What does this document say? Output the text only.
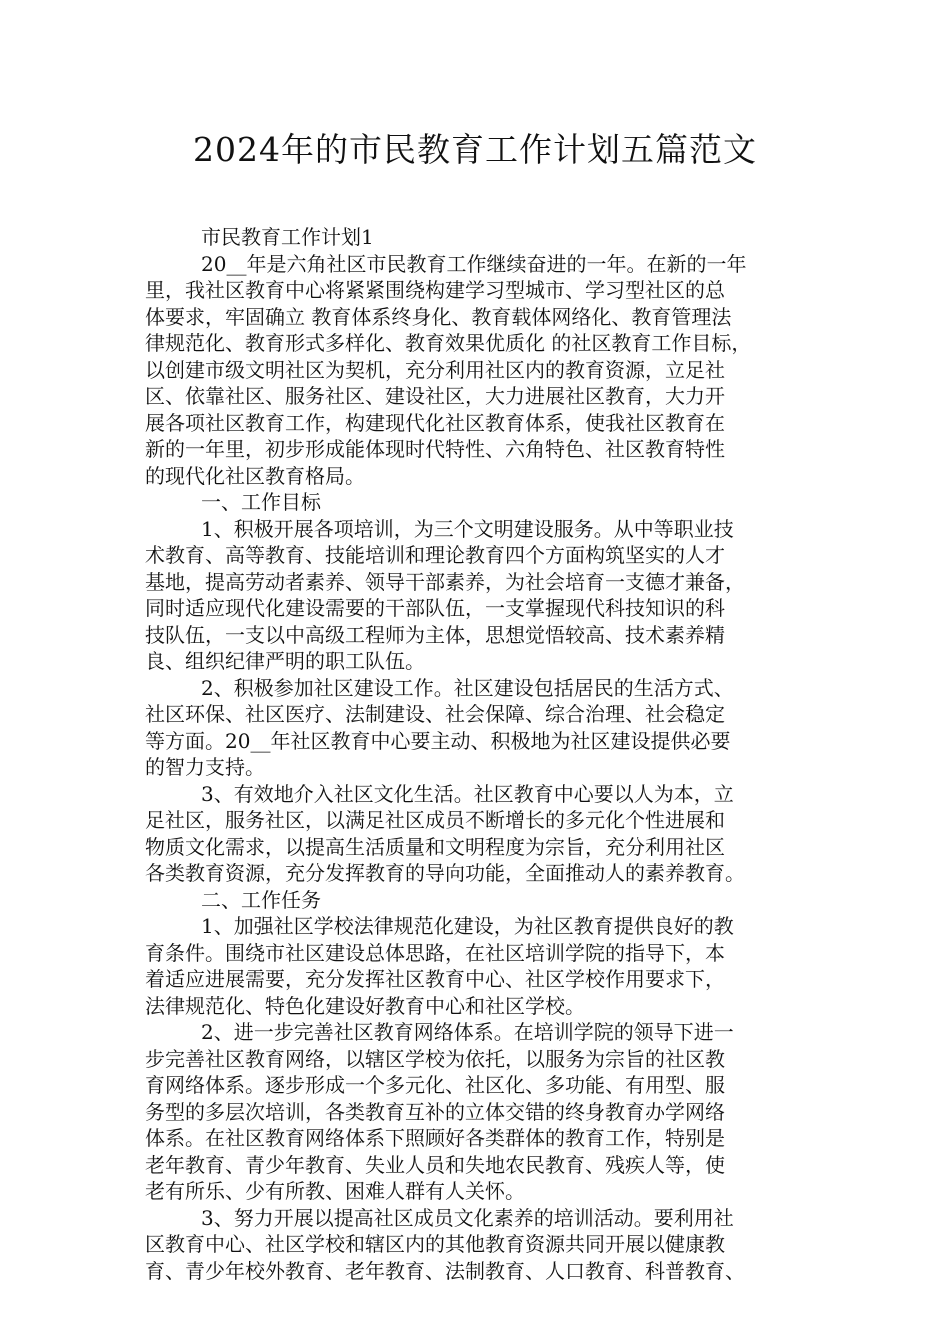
2024年的市民教育工作计划五篇范文
市民教育工作计划1
20__年是六角社区市民教育工作继续奋进的一年。在新的一年
里，我社区教育中心将紧紧围绕构建学习型城市、学习型社区的总
体要求，牢固确立 教育体系终身化、教育载体网络化、教育管理法
律规范化、教育形式多样化、教育效果优质化 的社区教育工作目标，
以创建市级文明社区为契机，充分利用社区内的教育资源，立足社
区、依靠社区、服务社区、建设社区，大力进展社区教育，大力开
展各项社区教育工作，构建现代化社区教育体系，使我社区教育在
新的一年里，初步形成能体现时代特性、六角特色、社区教育特性
的现代化社区教育格局。
一、工作目标
1、积极开展各项培训，为三个文明建设服务。从中等职业技
术教育、高等教育、技能培训和理论教育四个方面构筑坚实的人才
基地，提高劳动者素养、领导干部素养，为社会培育一支德才兼备，
同时适应现代化建设需要的干部队伍，一支掌握现代科技知识的科
技队伍，一支以中高级工程师为主体，思想觉悟较高、技术素养精
良、组织纪律严明的职工队伍。
2、积极参加社区建设工作。社区建设包括居民的生活方式、
社区环保、社区医疗、法制建设、社会保障、综合治理、社会稳定
等方面。20__年社区教育中心要主动、积极地为社区建设提供必要
的智力支持。
3、有效地介入社区文化生活。社区教育中心要以人为本，立
足社区，服务社区，以满足社区成员不断增长的多元化个性进展和
物质文化需求，以提高生活质量和文明程度为宗旨，充分利用社区
各类教育资源，充分发挥教育的导向功能，全面推动人的素养教育。
二、工作任务
1、加强社区学校法律规范化建设，为社区教育提供良好的教
育条件。围绕市社区建设总体思路，在社区培训学院的指导下，本
着适应进展需要，充分发挥社区教育中心、社区学校作用要求下，
法律规范化、特色化建设好教育中心和社区学校。
2、进一步完善社区教育网络体系。在培训学院的领导下进一
步完善社区教育网络，以辖区学校为依托，以服务为宗旨的社区教
育网络体系。逐步形成一个多元化、社区化、多功能、有用型、服
务型的多层次培训，各类教育互补的立体交错的终身教育办学网络
体系。在社区教育网络体系下照顾好各类群体的教育工作，特别是
老年教育、青少年教育、失业人员和失地农民教育、残疾人等，使
老有所乐、少有所教、困难人群有人关怀。
3、努力开展以提高社区成员文化素养的培训活动。要利用社
区教育中心、社区学校和辖区内的其他教育资源共同开展以健康教
育、青少年校外教育、老年教育、法制教育、人口教育、科普教育、
